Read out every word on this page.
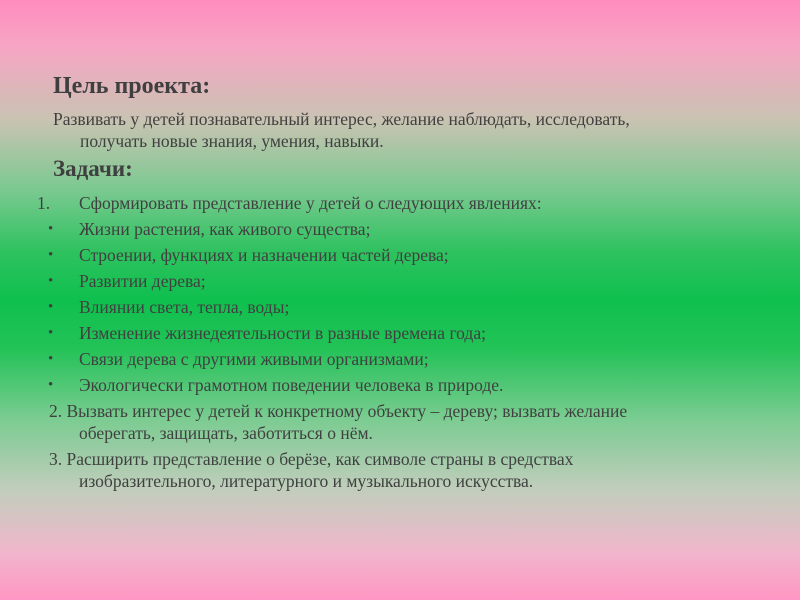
Цель проекта:
Развивать у детей познавательный интерес, желание наблюдать, исследовать,
получать новые знания, умения, навыки.
Задачи:
1. Сформировать представление у детей о следующих явлениях:
• Жизни растения, как живого существа;
• Строении, функциях и назначении частей дерева;
• Развитии дерева;
• Влиянии света, тепла, воды;
• Изменение жизнедеятельности в разные времена года;
• Связи дерева с другими живыми организмами;
• Экологически грамотном поведении человека в природе.
2. Вызвать интерес у детей к конкретному объекту – дереву; вызвать желание
оберегать, защищать, заботиться о нём.
3. Расширить представление о берёзе, как символе страны в средствах
изобразительного, литературного и музыкального искусства.
